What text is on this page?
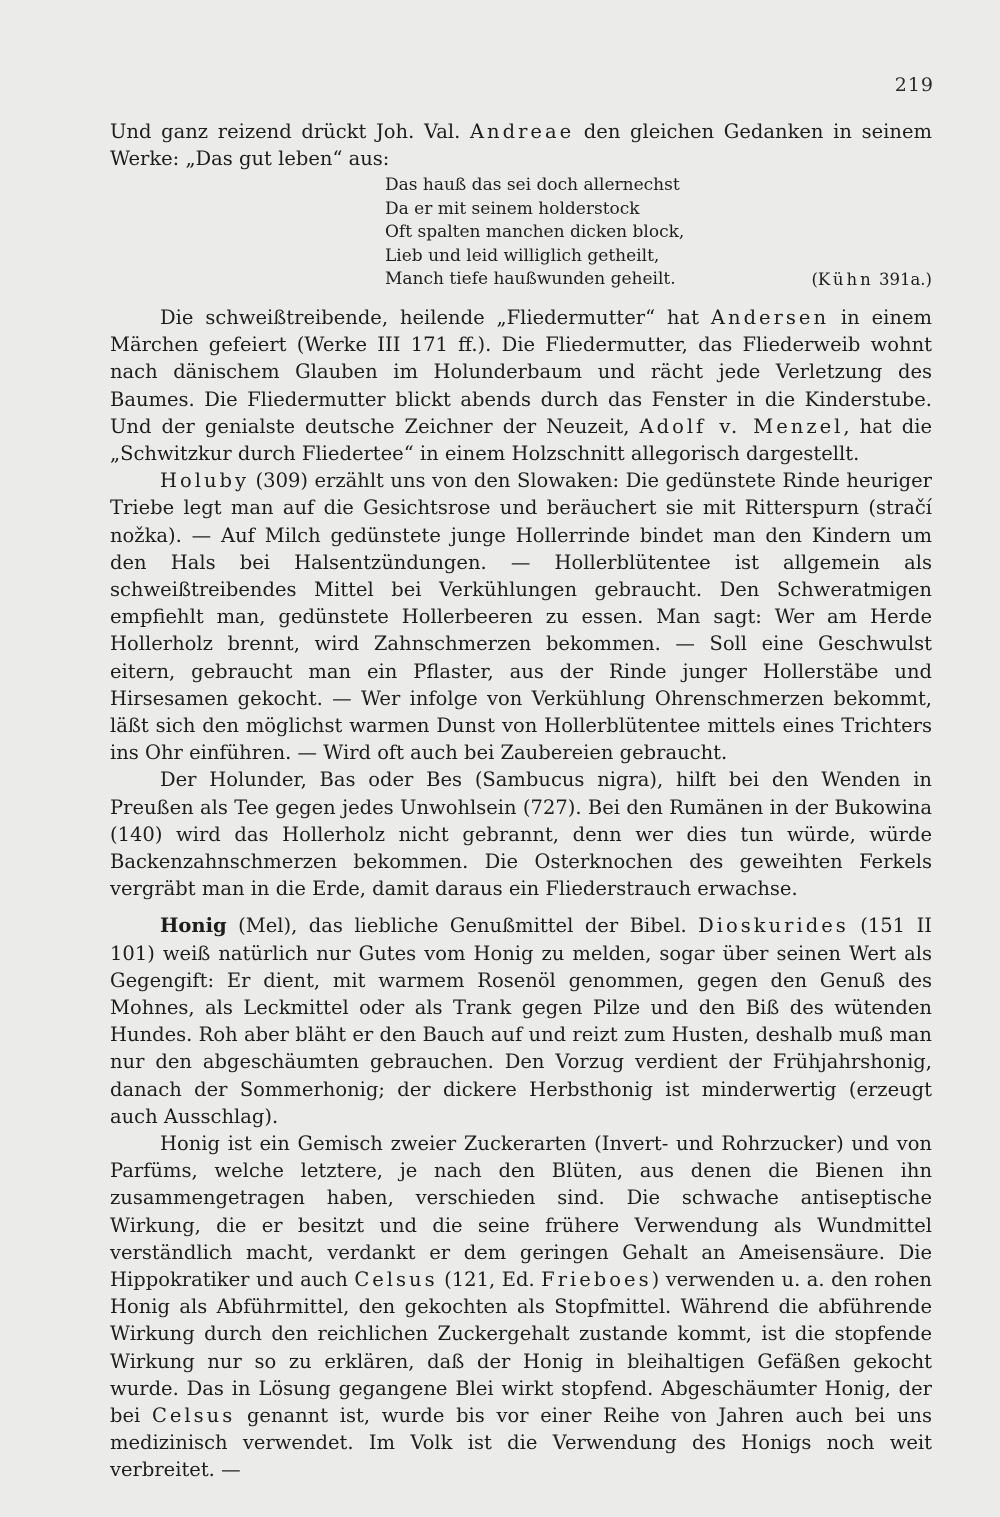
219

Und ganz reizend drückt Joh. Val. Andreae den gleichen Gedanken in seinem Werke: „Das gut leben“ aus:

Das hauß das sei doch allernechst
Da er mit seinem holderstock
Oft spalten manchen dicken block,
Lieb und leid williglich getheilt,
Manch tiefe haußwunden geheilt.	(Kühn 391a.)

Die schweißtreibende, heilende „Fliedermutter“ hat Andersen in einem Märchen gefeiert (Werke III 171 ff.). Die Fliedermutter, das Fliederweib wohnt nach dänischem Glauben im Holunderbaum und rächt jede Verletzung des Baumes. Die Fliedermutter blickt abends durch das Fenster in die Kinderstube. Und der genialste deutsche Zeichner der Neuzeit, Adolf v. Menzel, hat die „Schwitzkur durch Fliedertee“ in einem Holzschnitt allegorisch dargestellt.

Holuby (309) erzählt uns von den Slowaken: Die gedünstete Rinde heuriger Triebe legt man auf die Gesichtsrose und beräuchert sie mit Ritterspurn (stračí nožka). — Auf Milch gedünstete junge Hollerrinde bindet man den Kindern um den Hals bei Halsentzündungen. — Hollerblütentee ist allgemein als schweißtreibendes Mittel bei Verkühlungen gebraucht. Den Schweratmigen empfiehlt man, gedünstete Hollerbeeren zu essen. Man sagt: Wer am Herde Hollerholz brennt, wird Zahnschmerzen bekommen. — Soll eine Geschwulst eitern, gebraucht man ein Pflaster, aus der Rinde junger Hollerstäbe und Hirsesamen gekocht. — Wer infolge von Verkühlung Ohrenschmerzen bekommt, läßt sich den möglichst warmen Dunst von Hollerblütentee mittels eines Trichters ins Ohr einführen. — Wird oft auch bei Zaubereien gebraucht.

Der Holunder, Bas oder Bes (Sambucus nigra), hilft bei den Wenden in Preußen als Tee gegen jedes Unwohlsein (727). Bei den Rumänen in der Bukowina (140) wird das Hollerholz nicht gebrannt, denn wer dies tun würde, würde Backenzahnschmerzen bekommen. Die Osterknochen des geweihten Ferkels vergräbt man in die Erde, damit daraus ein Fliederstrauch erwachse.

Honig (Mel), das liebliche Genußmittel der Bibel. Dioskurides (151 II 101) weiß natürlich nur Gutes vom Honig zu melden, sogar über seinen Wert als Gegengift: Er dient, mit warmem Rosenöl genommen, gegen den Genuß des Mohnes, als Leckmittel oder als Trank gegen Pilze und den Biß des wütenden Hundes. Roh aber bläht er den Bauch auf und reizt zum Husten, deshalb muß man nur den abgeschäumten gebrauchen. Den Vorzug verdient der Frühjahrshonig, danach der Sommerhonig; der dickere Herbsthonig ist minderwertig (erzeugt auch Ausschlag).

Honig ist ein Gemisch zweier Zuckerarten (Invert- und Rohrzucker) und von Parfüms, welche letztere, je nach den Blüten, aus denen die Bienen ihn zusammengetragen haben, verschieden sind. Die schwache antiseptische Wirkung, die er besitzt und die seine frühere Verwendung als Wundmittel verständlich macht, verdankt er dem geringen Gehalt an Ameisensäure. Die Hippokratiker und auch Celsus (121, Ed. Frieboes) verwenden u. a. den rohen Honig als Abführmittel, den gekochten als Stopfmittel. Während die abführende Wirkung durch den reichlichen Zuckergehalt zustande kommt, ist die stopfende Wirkung nur so zu erklären, daß der Honig in bleihaltigen Gefäßen gekocht wurde. Das in Lösung gegangene Blei wirkt stopfend. Abgeschäumter Honig, der bei Celsus genannt ist, wurde bis vor einer Reihe von Jahren auch bei uns medizinisch verwendet. Im Volk ist die Verwendung des Honigs noch weit verbreitet. —
